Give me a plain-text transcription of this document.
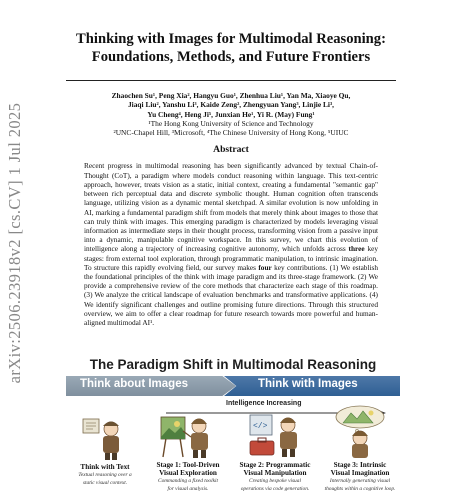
arXiv:2506.23918v2 [cs.CV] 1 Jul 2025
Thinking with Images for Multimodal Reasoning:
Foundations, Methods, and Future Frontiers
Zhaochen Su¹, Peng Xia², Hangyu Guo¹, Zhenhua Liu¹, Yan Ma, Xiaoye Qu,
Jiaqi Liu², Yanshu Li³, Kaide Zeng², Zhengyuan Yang³, Linjie Li³,
Yu Cheng⁴, Heng Ji⁵, Junxian He¹, Yi R. (May) Fung¹
¹The Hong Kong University of Science and Technology
²UNC-Chapel Hill, ³Microsoft, ⁴The Chinese University of Hong Kong, ⁵UIUC
Abstract
Recent progress in multimodal reasoning has been significantly advanced by textual Chain-of-Thought (CoT), a paradigm where models conduct reasoning within language. This text-centric approach, however, treats vision as a static, initial context, creating a fundamental "semantic gap" between rich perceptual data and discrete symbolic thought. Human cognition often transcends language, utilizing vision as a dynamic mental sketchpad. A similar evolution is now unfolding in AI, marking a fundamental paradigm shift from models that merely think about images to those that can truly think with images. This emerging paradigm is characterized by models leveraging visual information as intermediate steps in their thought process, transforming vision from a passive input into a dynamic, manipulable cognitive workspace. In this survey, we chart this evolution of intelligence along a trajectory of increasing cognitive autonomy, which unfolds across three key stages: from external tool exploration, through programmatic manipulation, to intrinsic imagination. To structure this rapidly evolving field, our survey makes four key contributions. (1) We establish the foundational principles of the think with image paradigm and its three-stage framework. (2) We provide a comprehensive review of the core methods that characterize each stage of this roadmap. (3) We analyze the critical landscape of evaluation benchmarks and transformative applications. (4) We identify significant challenges and outline promising future directions. Through this structured overview, we aim to offer a clear roadmap for future research towards more powerful and human-aligned multimodal AI¹.
The Paradigm Shift in Multimodal Reasoning
Think about Images	Think with Images
Intelligence Increasing
Think with Text
Textual reasoning over a
static visual context.
Stage 1: Tool-Driven
Visual Exploration
Commanding a fixed toolkit
for visual analysis.
</>
Stage 2: Programmatic
Visual Manipulation
Creating bespoke visual
operations via code generation.
Stage 3: Intrinsic
Visual Imagination
Internally generating visual
thoughts within a cognitive loop.
